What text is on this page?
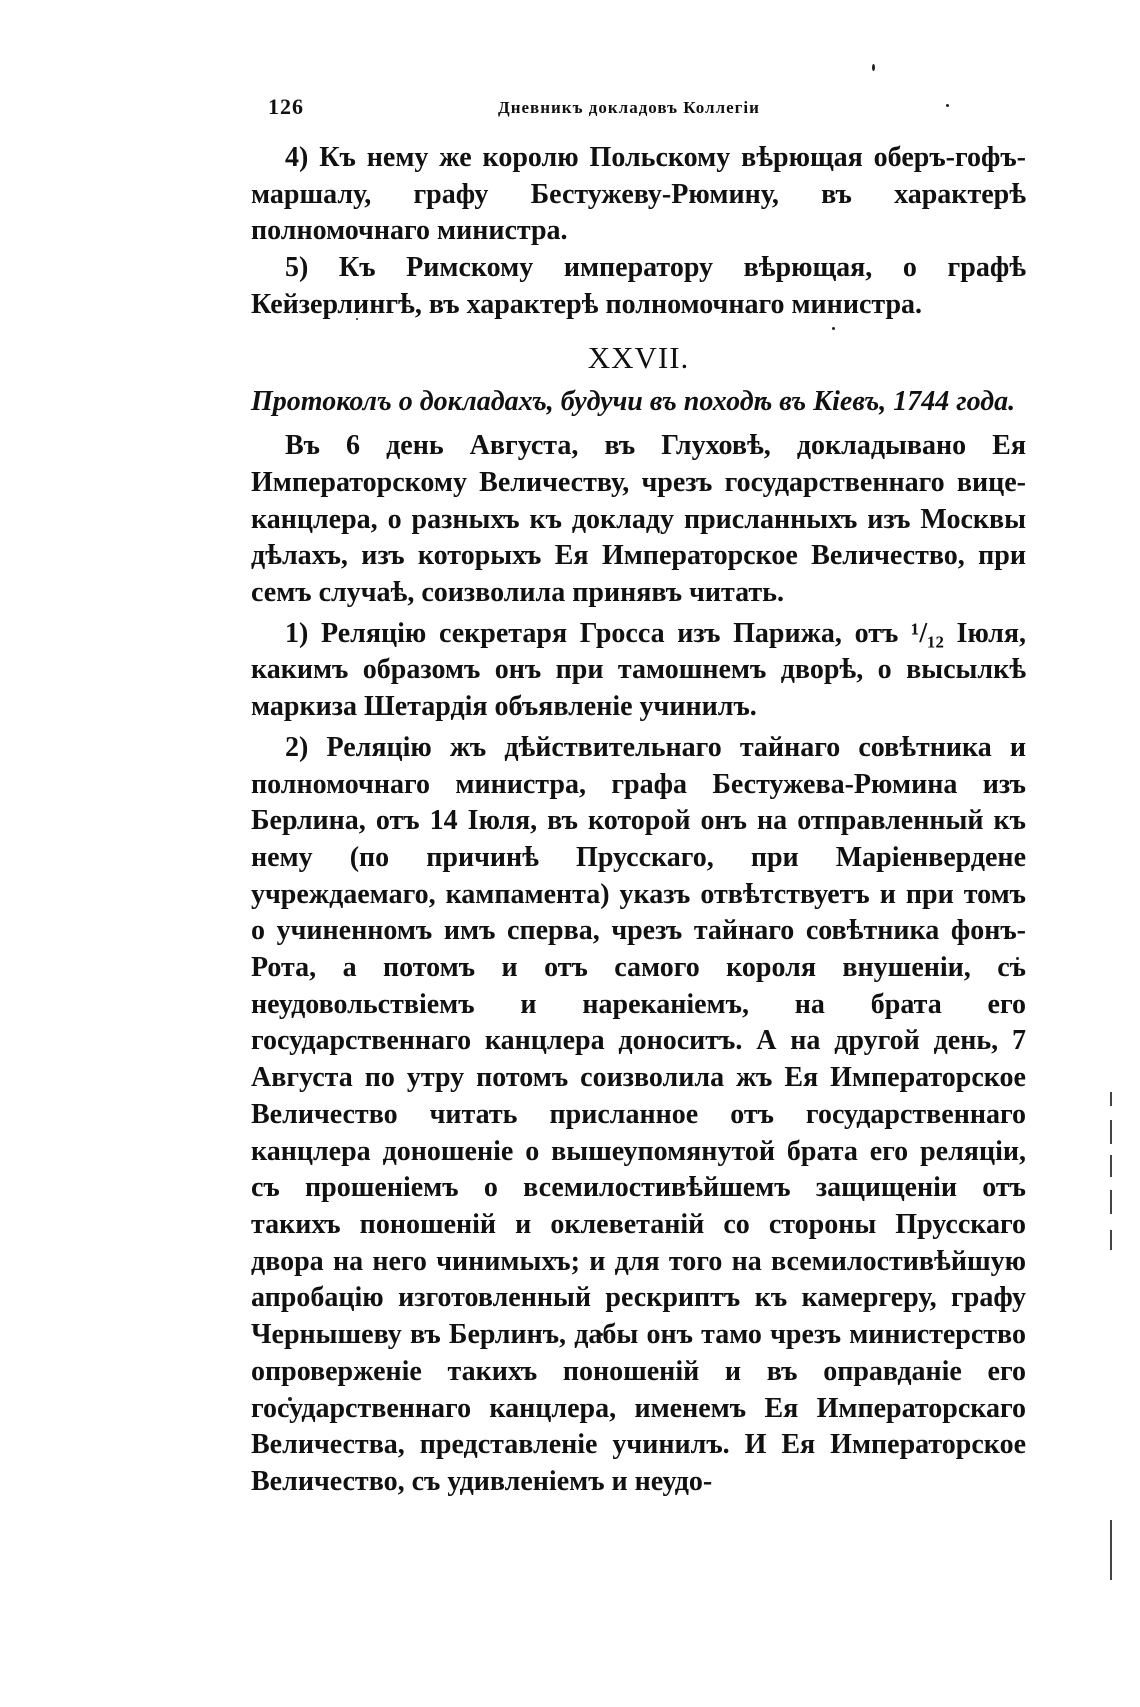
126	Дневникъ докладовъ Коллегіи

4) Къ нему же королю Польскому вѣрющая оберъ-гофъ-маршалу, графу Бестужеву-Рюмину, въ характерѣ полномочнаго министра.

5) Къ Римскому императору вѣрющая, о графѣ Кейзерлингѣ, въ характерѣ полномочнаго министра.

XXVII.

Протоколъ о докладахъ, будучи въ походѣ въ Кіевъ, 1744 года.

Въ 6 день Августа, въ Глуховѣ, докладывано Ея Императорскому Величеству, чрезъ государственнаго вице-канцлера, о разныхъ къ докладу присланныхъ изъ Москвы дѣлахъ, изъ которыхъ Ея Императорское Величество, при семъ случаѣ, соизволила принявъ читать.

1) Реляцію секретаря Гросса изъ Парижа, отъ ¹/₁₂ Іюля, какимъ образомъ онъ при тамошнемъ дворѣ, о высылкѣ маркиза Шетардія объявленіе учинилъ.

2) Реляцію жъ дѣйствительнаго тайнаго совѣтника и полномочнаго министра, графа Бестужева-Рюмина изъ Берлина, отъ 14 Іюля, въ которой онъ на отправленный къ нему (по причинѣ Прусскаго, при Маріенвердене учреждаемаго, кампамента) указъ отвѣтствуетъ и при томъ о учиненномъ имъ сперва, чрезъ тайнаго совѣтника фонъ-Рота, а потомъ и отъ самого короля внушеніи, съ неудовольствіемъ и нареканіемъ, на брата его государственнаго канцлера доноситъ. А на другой день, 7 Августа по утру потомъ соизволила жъ Ея Императорское Величество читать присланное отъ государственнаго канцлера доношеніе о вышеупомянутой брата его реляціи, съ прошеніемъ о всемилостивѣйшемъ защищеніи отъ такихъ поношеній и оклеветаній со стороны Прусскаго двора на него чинимыхъ; и для того на всемилостивѣйшую апробацію изготовленный рескриптъ къ камергеру, графу Чернышеву въ Берлинъ, дабы онъ тамо чрезъ министерство опроверженіе такихъ поношеній и въ оправданіе его государственнаго канцлера, именемъ Ея Императорскаго Величества, представленіе учинилъ. И Ея Императорское Величество, съ удивленіемъ и неудо-
